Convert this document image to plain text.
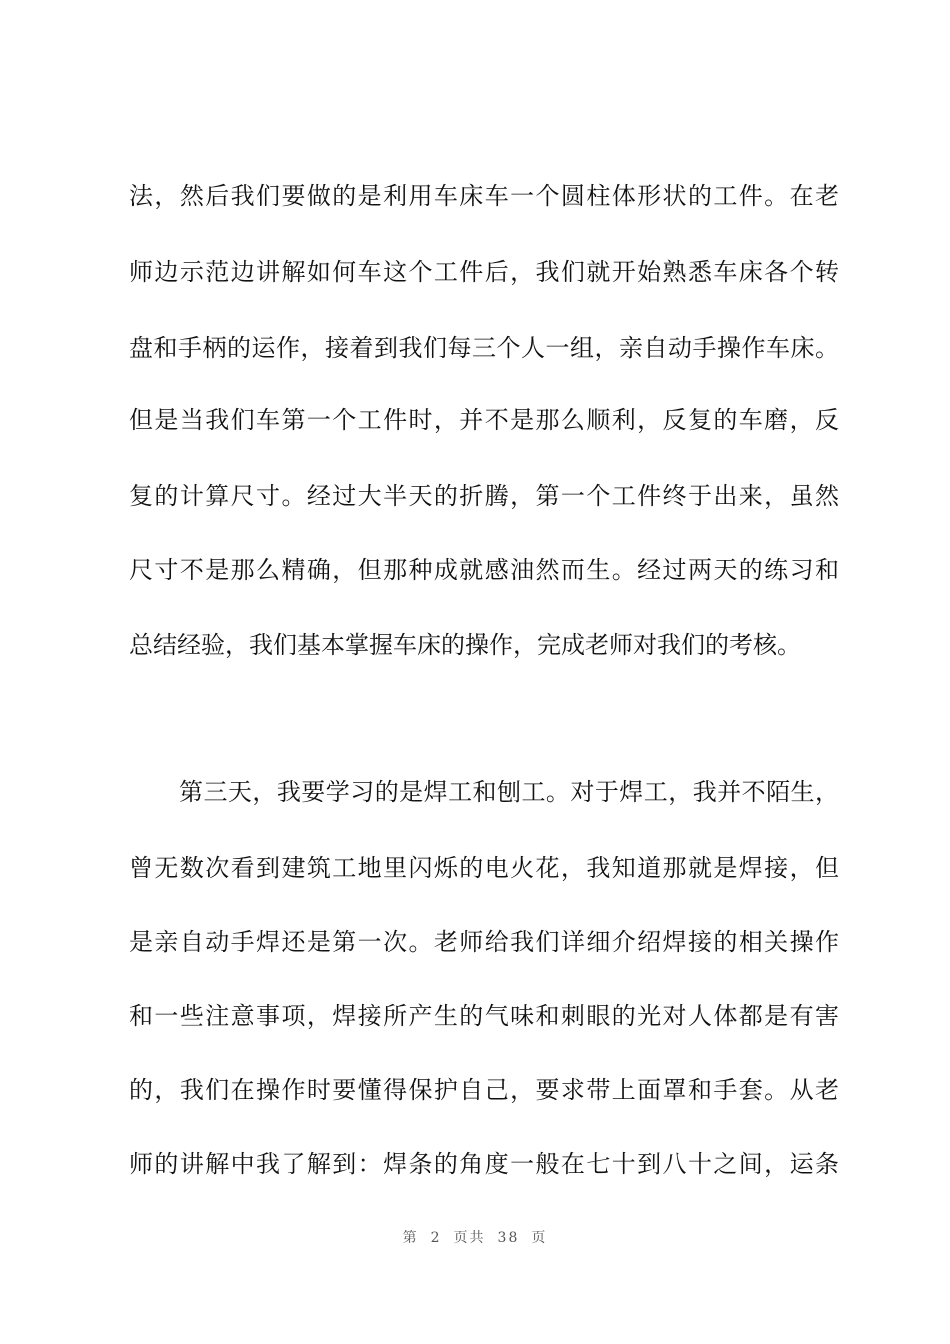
法，然后我们要做的是利用车床车一个圆柱体形状的工件。在老
师边示范边讲解如何车这个工件后，我们就开始熟悉车床各个转
盘和手柄的运作，接着到我们每三个人一组，亲自动手操作车床。
但是当我们车第一个工件时，并不是那么顺利，反复的车磨，反
复的计算尺寸。经过大半天的折腾，第一个工件终于出来，虽然
尺寸不是那么精确，但那种成就感油然而生。经过两天的练习和
总结经验，我们基本掌握车床的操作，完成老师对我们的考核。
第三天，我要学习的是焊工和刨工。对于焊工，我并不陌生，
曾无数次看到建筑工地里闪烁的电火花，我知道那就是焊接，但
是亲自动手焊还是第一次。老师给我们详细介绍焊接的相关操作
和一些注意事项，焊接所产生的气味和刺眼的光对人体都是有害
的，我们在操作时要懂得保护自己，要求带上面罩和手套。从老
师的讲解中我了解到：焊条的角度一般在七十到八十之间，运条
第 2 页共 38 页
